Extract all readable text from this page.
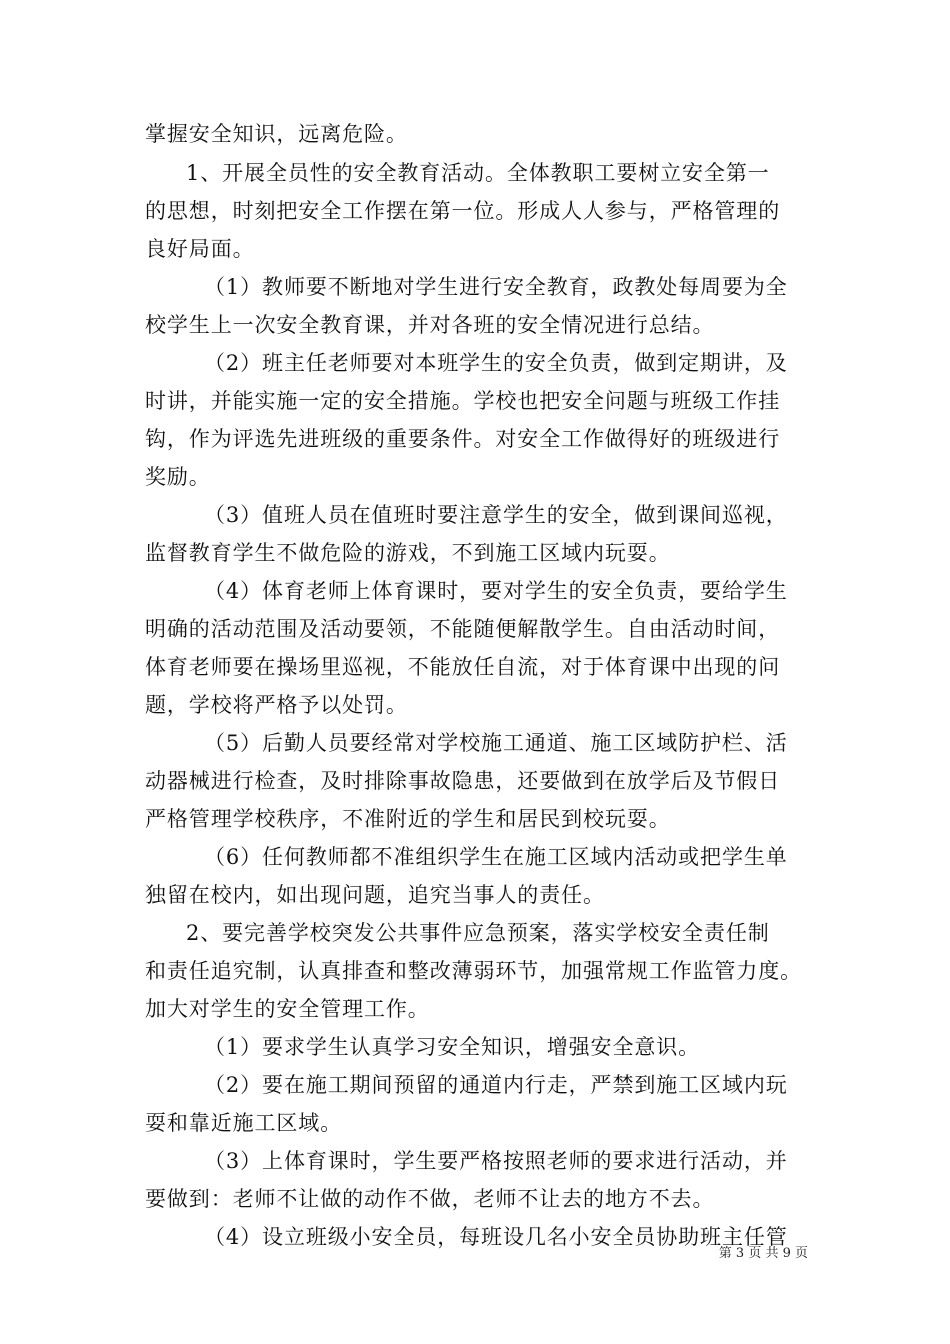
掌握安全知识，远离危险。
1、开展全员性的安全教育活动。全体教职工要树立安全第一
的思想，时刻把安全工作摆在第一位。形成人人参与，严格管理的
良好局面。
（1）教师要不断地对学生进行安全教育，政教处每周要为全
校学生上一次安全教育课，并对各班的安全情况进行总结。
（2）班主任老师要对本班学生的安全负责，做到定期讲，及
时讲，并能实施一定的安全措施。学校也把安全问题与班级工作挂
钩，作为评选先进班级的重要条件。对安全工作做得好的班级进行
奖励。
（3）值班人员在值班时要注意学生的安全，做到课间巡视，
监督教育学生不做危险的游戏，不到施工区域内玩耍。
（4）体育老师上体育课时，要对学生的安全负责，要给学生
明确的活动范围及活动要领，不能随便解散学生。自由活动时间，
体育老师要在操场里巡视，不能放任自流，对于体育课中出现的问
题，学校将严格予以处罚。
（5）后勤人员要经常对学校施工通道、施工区域防护栏、活
动器械进行检查，及时排除事故隐患，还要做到在放学后及节假日
严格管理学校秩序，不准附近的学生和居民到校玩耍。
（6）任何教师都不准组织学生在施工区域内活动或把学生单
独留在校内，如出现问题，追究当事人的责任。
2、要完善学校突发公共事件应急预案，落实学校安全责任制
和责任追究制，认真排查和整改薄弱环节，加强常规工作监管力度。
加大对学生的安全管理工作。
（1）要求学生认真学习安全知识，增强安全意识。
（2）要在施工期间预留的通道内行走，严禁到施工区域内玩
耍和靠近施工区域。
（3）上体育课时，学生要严格按照老师的要求进行活动，并
要做到：老师不让做的动作不做，老师不让去的地方不去。
（4）设立班级小安全员，每班设几名小安全员协助班主任管
第 3 页 共 9 页
